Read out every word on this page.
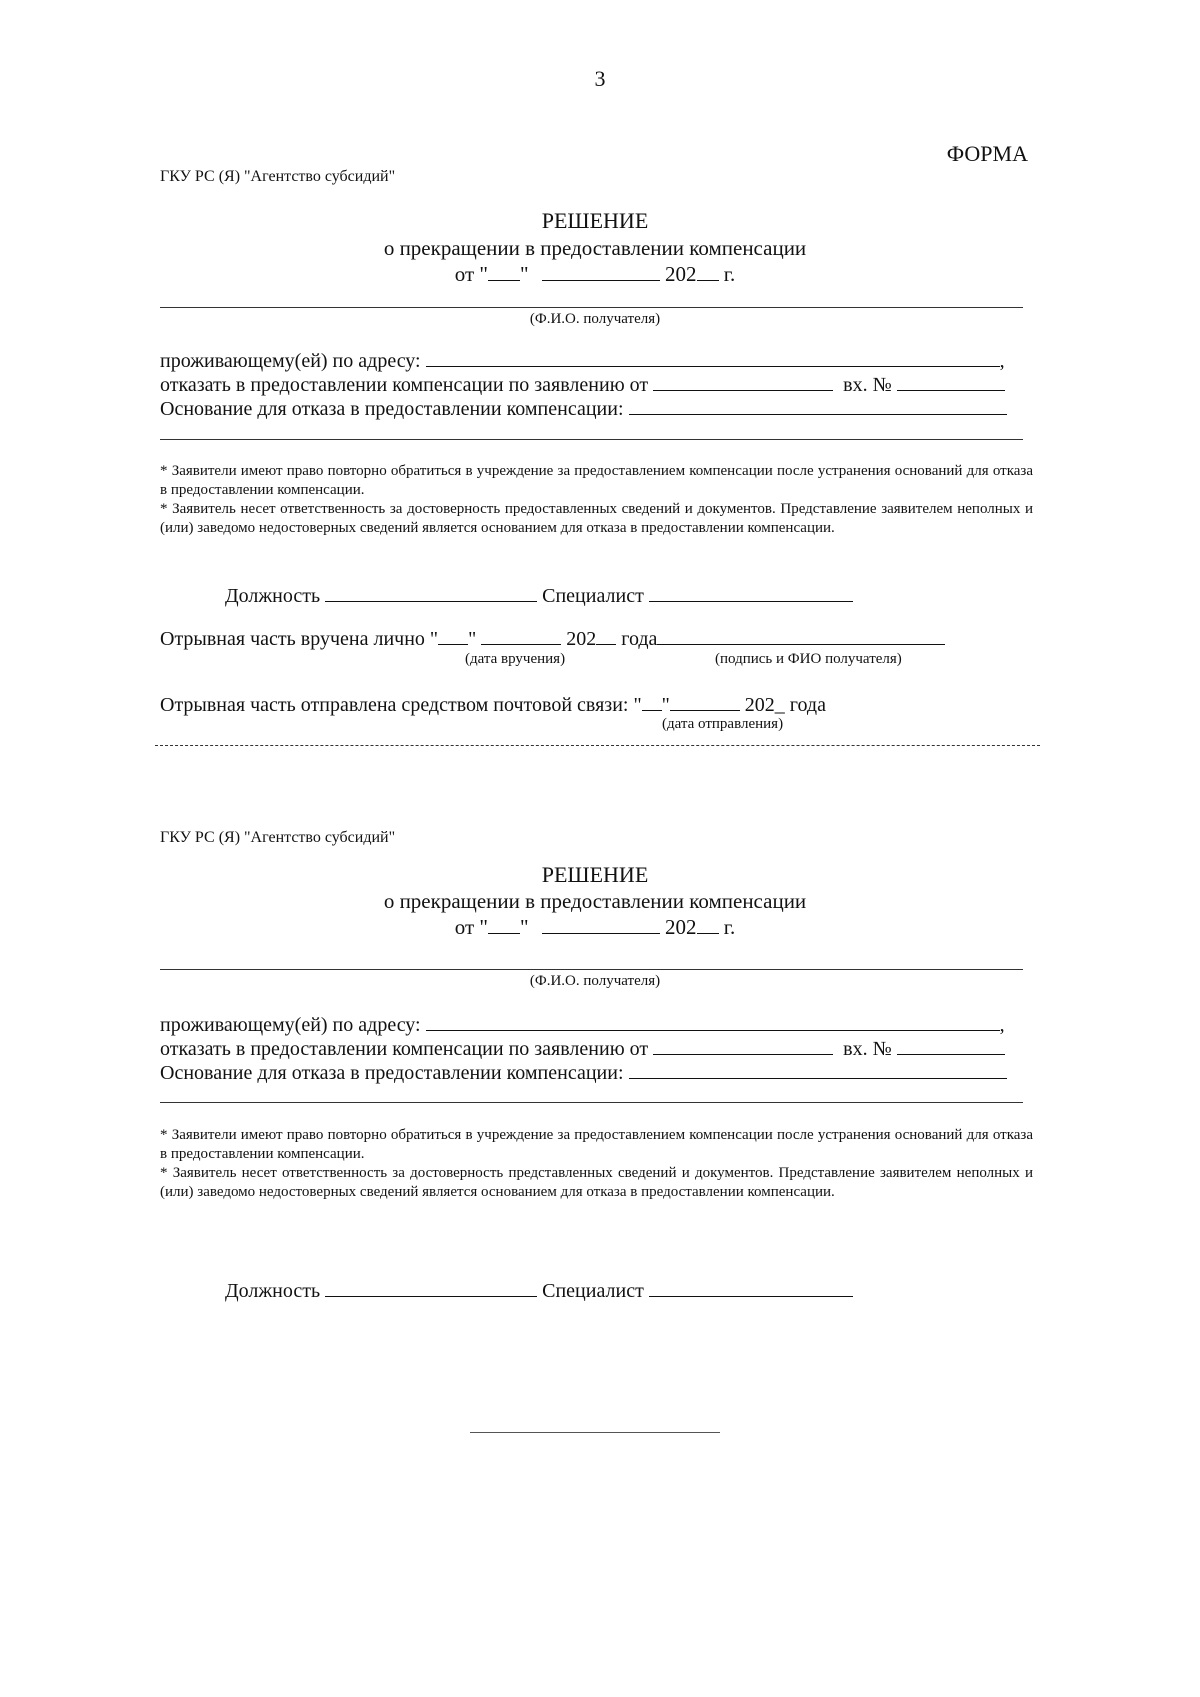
3
ФОРМА
ГКУ РС (Я) "Агентство субсидий"
РЕШЕНИЕ
о прекращении в предоставлении компенсации
от " "	202 г.
(Ф.И.О. получателя)
проживающему(ей) по адресу:	,
отказать в предоставлении компенсации по заявлению от	вх. №
Основание для отказа в предоставлении компенсации:
* Заявители имеют право повторно обратиться в учреждение за предоставлением компенсации после устранения оснований для отказа в предоставлении компенсации.
* Заявитель несет ответственность за достоверность предоставленных сведений и документов. Представление заявителем неполных и (или) заведомо недостоверных сведений является основанием для отказа в предоставлении компенсации.
Должность	Специалист
Отрывная часть вручена лично " "	202 года
(дата вручения)	(подпись и ФИО получателя)
Отрывная часть отправлена средством почтовой связи: " "	202_ года
(дата отправления)
ГКУ РС (Я) "Агентство субсидий"
РЕШЕНИЕ
о прекращении в предоставлении компенсации
от " "	202 г.
(Ф.И.О. получателя)
проживающему(ей) по адресу:	,
отказать в предоставлении компенсации по заявлению от	вх. №
Основание для отказа в предоставлении компенсации:
* Заявители имеют право повторно обратиться в учреждение за предоставлением компенсации после устранения оснований для отказа в предоставлении компенсации.
* Заявитель несет ответственность за достоверность представленных сведений и документов. Представление заявителем неполных и (или) заведомо недостоверных сведений является основанием для отказа в предоставлении компенсации.
Должность	Специалист
